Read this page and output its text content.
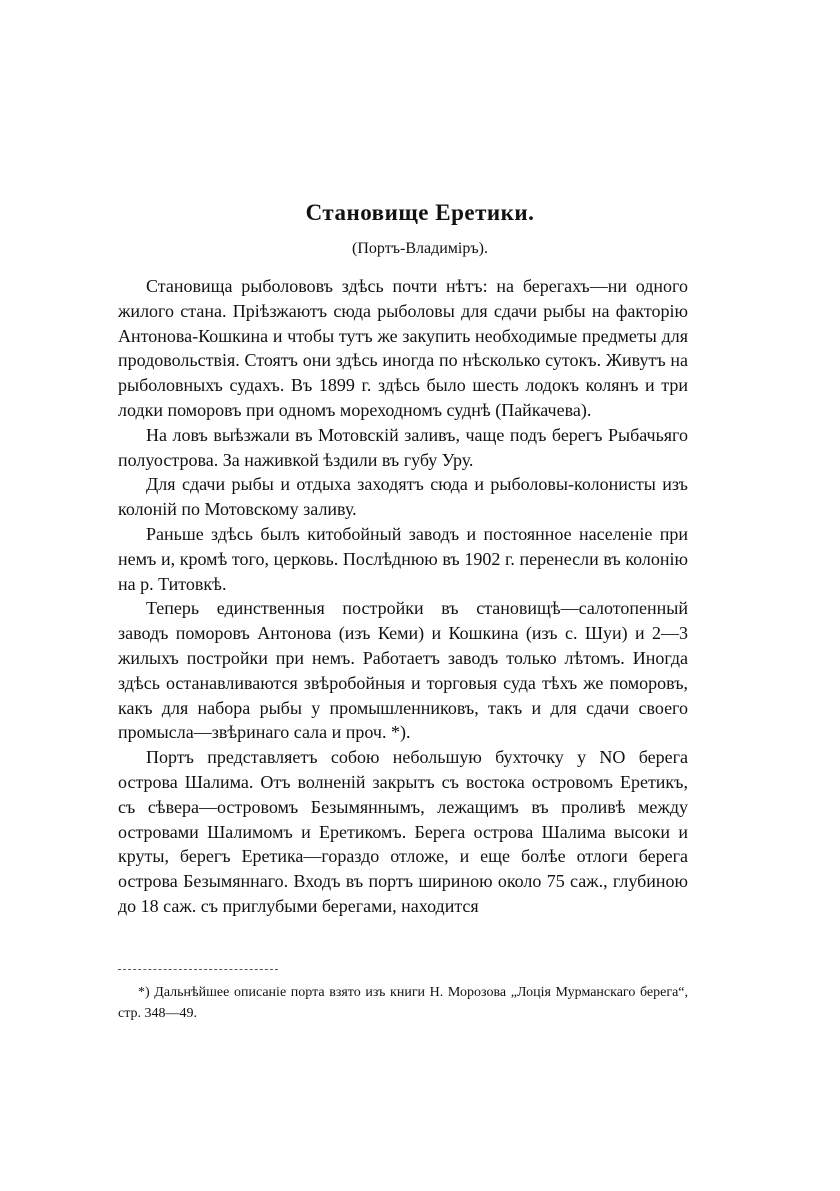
Становище Еретики.
(Портъ-Владиміръ).

Становища рыболововъ здѣсь почти нѣтъ: на берегахъ—ни одного жилого стана. Пріѣзжаютъ сюда рыболовы для сдачи рыбы на факторію Антонова-Кошкина и чтобы тутъ же закупить необходимые предметы для продовольствія. Стоятъ они здѣсь иногда по нѣсколько сутокъ. Живутъ на рыболовныхъ судахъ. Въ 1899 г. здѣсь было шесть лодокъ колянъ и три лодки поморовъ при одномъ мореходномъ суднѣ (Пайкачева).

На ловъ выѣзжали въ Мотовскій заливъ, чаще подъ берегъ Рыбачьяго полуострова. За наживкой ѣздили въ губу Уру.

Для сдачи рыбы и отдыха заходятъ сюда и рыболовы-колонисты изъ колоній по Мотовскому заливу.

Раньше здѣсь былъ китобойный заводъ и постоянное населеніе при немъ и, кромѣ того, церковь. Послѣднюю въ 1902 г. перенесли въ колонію на р. Титовкѣ.

Теперь единственныя постройки въ становищѣ—салотопенный заводъ поморовъ Антонова (изъ Кеми) и Кошкина (изъ с. Шуи) и 2—3 жилыхъ постройки при немъ. Работаетъ заводъ только лѣтомъ. Иногда здѣсь останавливаются звѣробойныя и торговыя суда тѣхъ же поморовъ, какъ для набора рыбы у промышленниковъ, такъ и для сдачи своего промысла—звѣринаго сала и проч. *).

Портъ представляетъ собою небольшую бухточку у NO берега острова Шалима. Отъ волненій закрытъ съ востока островомъ Еретикъ, съ сѣвера—островомъ Безымяннымъ, лежащимъ въ проливѣ между островами Шалимомъ и Еретикомъ. Берега острова Шалима высоки и круты, берегъ Еретика—гораздо отложе, и еще болѣе отлоги берега острова Безымяннаго. Входъ въ портъ шириною около 75 саж., глубиною до 18 саж. съ приглубыми берегами, находится

*) Дальнѣйшее описаніе порта взято изъ книги Н. Морозова „Лоція Мурманскаго берега“, стр. 348—49.
